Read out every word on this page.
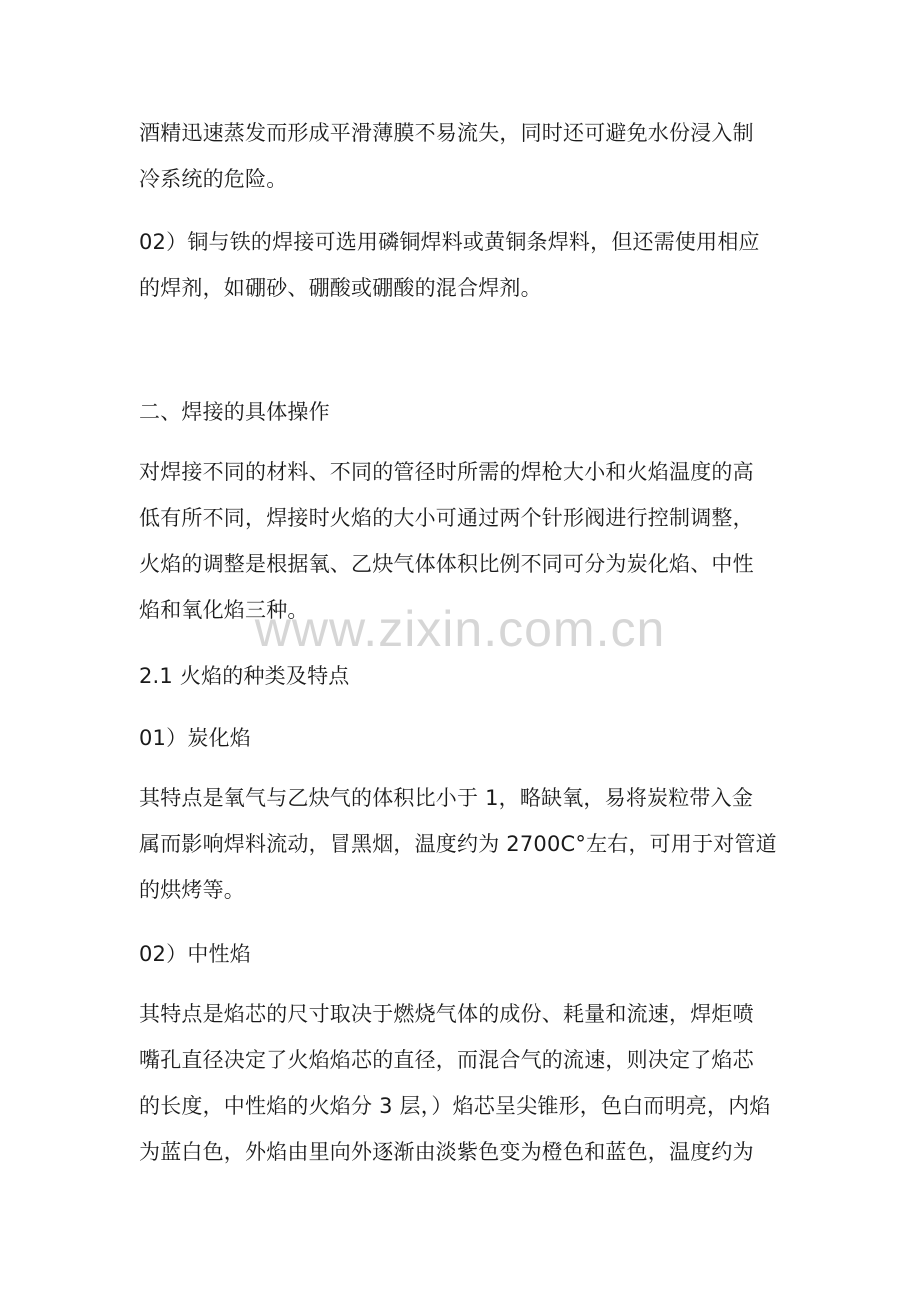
酒精迅速蒸发而形成平滑薄膜不易流失，同时还可避免水份浸入制
冷系统的危险。

02）铜与铁的焊接可选用磷铜焊料或黄铜条焊料，但还需使用相应
的焊剂，如硼砂、硼酸或硼酸的混合焊剂。

二、焊接的具体操作

对焊接不同的材料、不同的管径时所需的焊枪大小和火焰温度的高
低有所不同，焊接时火焰的大小可通过两个针形阀进行控制调整，
火焰的调整是根据氧、乙炔气体体积比例不同可分为炭化焰、中性
焰和氧化焰三种。

2.1 火焰的种类及特点

01）炭化焰

其特点是氧气与乙炔气的体积比小于 1，略缺氧，易将炭粒带入金
属而影响焊料流动，冒黑烟，温度约为 2700C°左右，可用于对管道
的烘烤等。

02）中性焰

其特点是焰芯的尺寸取决于燃烧气体的成份、耗量和流速，焊炬喷
嘴孔直径决定了火焰焰芯的直径，而混合气的流速，则决定了焰芯
的长度，中性焰的火焰分 3 层，）焰芯呈尖锥形，色白而明亮，内焰
为蓝白色，外焰由里向外逐渐由淡紫色变为橙色和蓝色，温度约为

www.zixin.com.cn
